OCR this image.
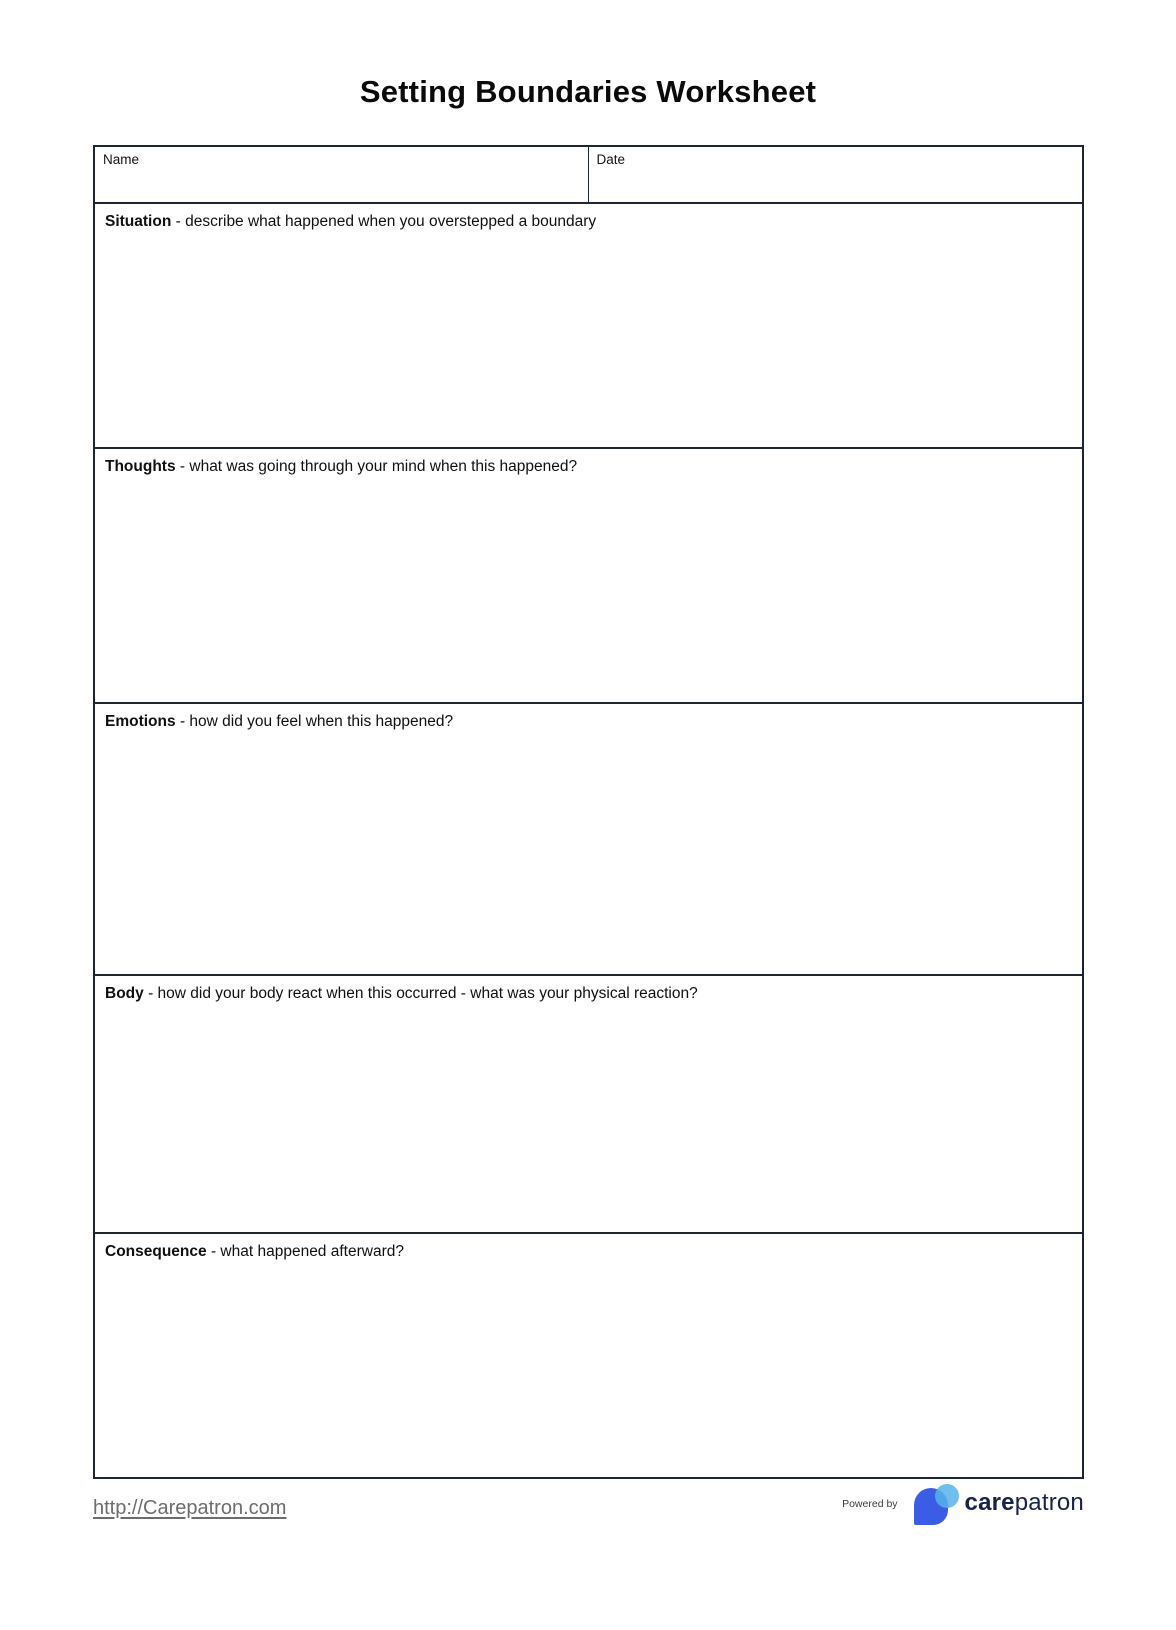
Setting Boundaries Worksheet
Name	Date
Situation - describe what happened when you overstepped a boundary
Thoughts - what was going through your mind when this happened?
Emotions - how did you feel when this happened?
Body - how did your body react when this occurred - what was your physical reaction?
Consequence - what happened afterward?
http://Carepatron.com	Powered by	carepatron
